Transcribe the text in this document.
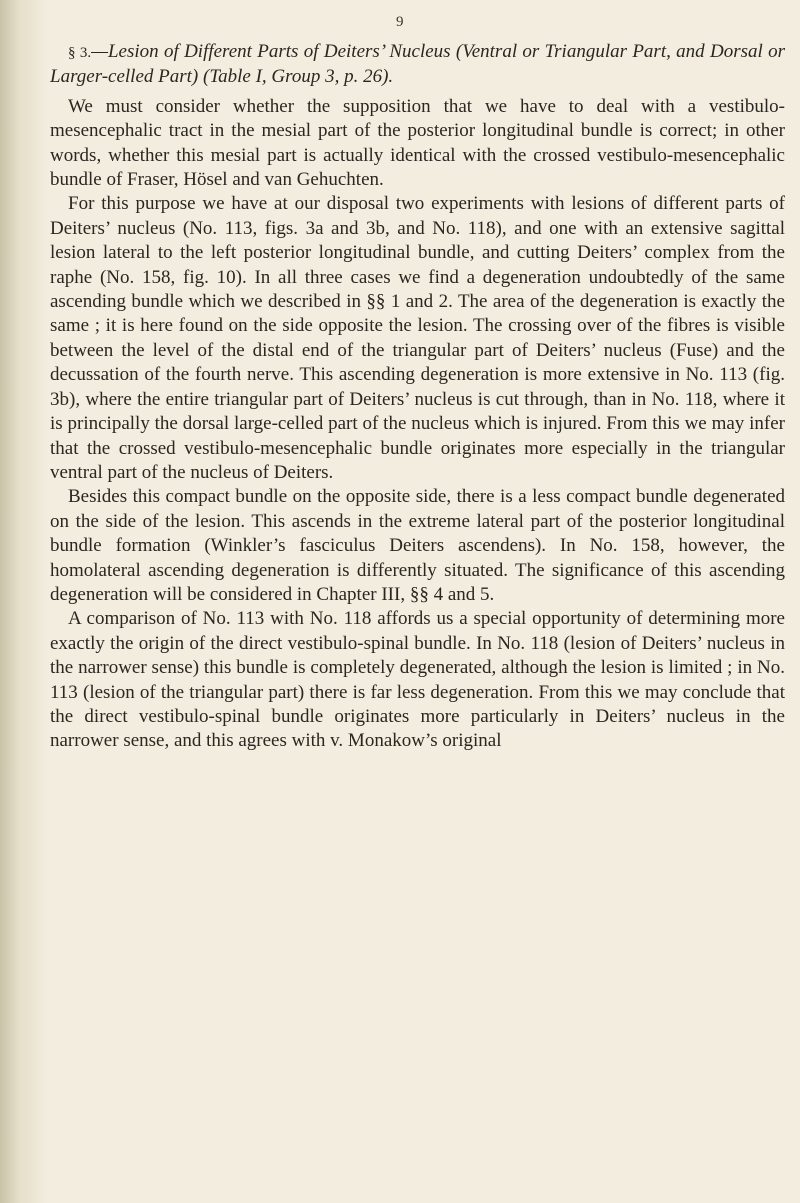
9

§ 3.—Lesion of Different Parts of Deiters’ Nucleus (Ventral or Triangular Part, and Dorsal or Larger-celled Part) (Table I, Group 3, p. 26).

We must consider whether the supposition that we have to deal with a vestibulo-mesencephalic tract in the mesial part of the posterior longitudinal bundle is correct; in other words, whether this mesial part is actually identical with the crossed vestibulo-mesencephalic bundle of Fraser, Hösel and van Gehuchten.

For this purpose we have at our disposal two experiments with lesions of different parts of Deiters’ nucleus (No. 113, figs. 3a and 3b, and No. 118), and one with an extensive sagittal lesion lateral to the left posterior longitudinal bundle, and cutting Deiters’ complex from the raphe (No. 158, fig. 10). In all three cases we find a degeneration undoubtedly of the same ascending bundle which we described in §§ 1 and 2. The area of the degeneration is exactly the same ; it is here found on the side opposite the lesion. The crossing over of the fibres is visible between the level of the distal end of the triangular part of Deiters’ nucleus (Fuse) and the decussation of the fourth nerve. This ascending degeneration is more extensive in No. 113 (fig. 3b), where the entire triangular part of Deiters’ nucleus is cut through, than in No. 118, where it is principally the dorsal large-celled part of the nucleus which is injured. From this we may infer that the crossed vestibulo-mesencephalic bundle originates more especially in the triangular ventral part of the nucleus of Deiters.

Besides this compact bundle on the opposite side, there is a less compact bundle degenerated on the side of the lesion. This ascends in the extreme lateral part of the posterior longitudinal bundle formation (Winkler’s fasciculus Deiters ascendens). In No. 158, however, the homolateral ascending degeneration is differently situated. The significance of this ascending degeneration will be considered in Chapter III, §§ 4 and 5.

A comparison of No. 113 with No. 118 affords us a special opportunity of determining more exactly the origin of the direct vestibulo-spinal bundle. In No. 118 (lesion of Deiters’ nucleus in the narrower sense) this bundle is completely degenerated, although the lesion is limited ; in No. 113 (lesion of the triangular part) there is far less degeneration. From this we may conclude that the direct vestibulo-spinal bundle originates more particularly in Deiters’ nucleus in the narrower sense, and this agrees with v. Monakow’s original
